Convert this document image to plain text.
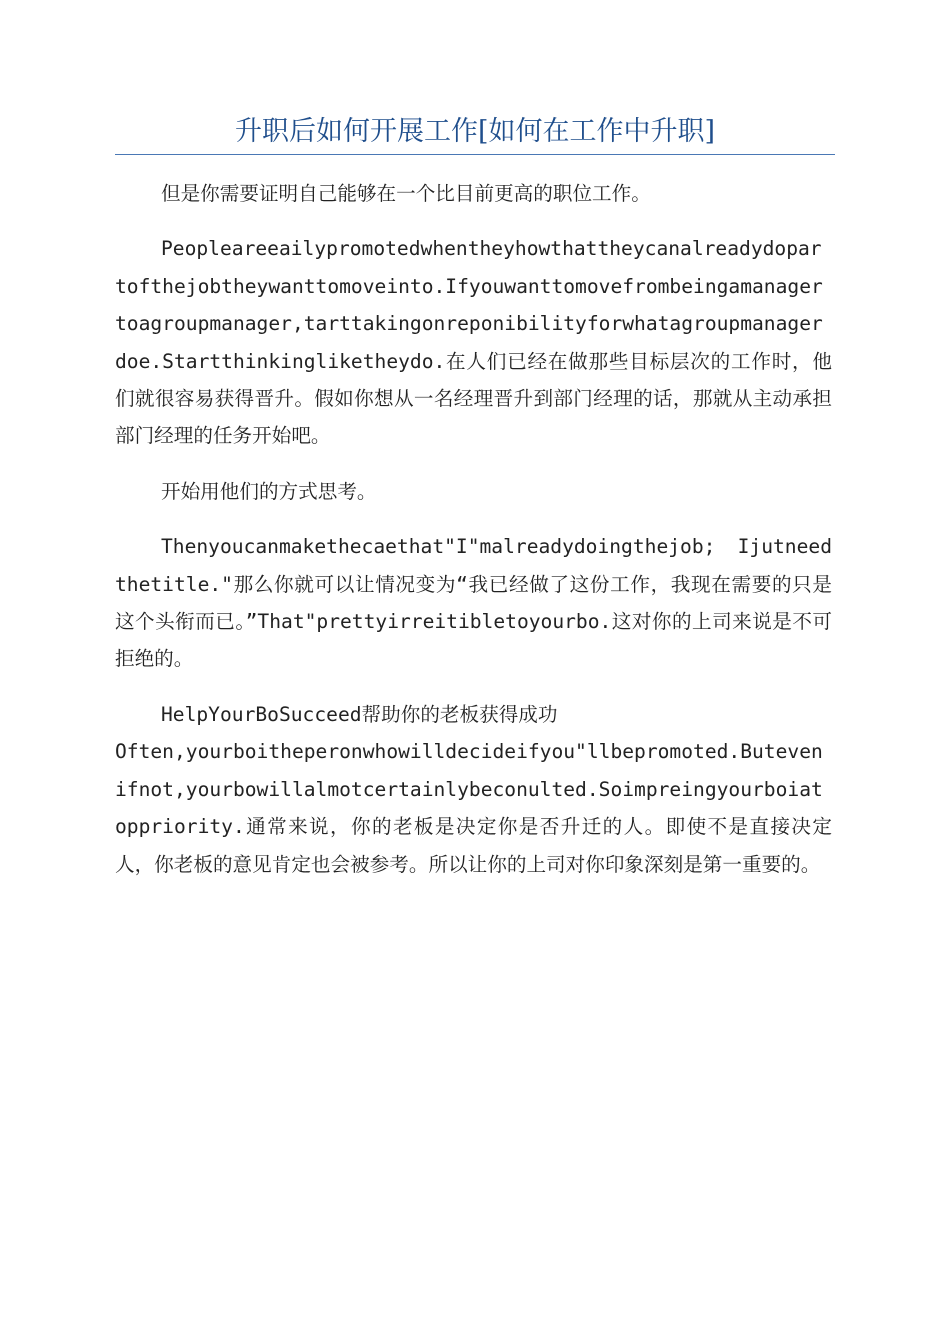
升职后如何开展工作[如何在工作中升职]

但是你需要证明自己能够在一个比目前更高的职位工作。

Peopleareeailypromotedwhentheyhowthattheycanalreadydopartofthejobtheywanttomoveinto.Ifyouwanttomovefrombeingamanagertoagroupmanager,tarttakingonreponibilityforwhatagroupmanagerdoe.Startthinkingliketheydo.在人们已经在做那些目标层次的工作时，他们就很容易获得晋升。假如你想从一名经理晋升到部门经理的话，那就从主动承担部门经理的任务开始吧。

开始用他们的方式思考。

Thenyoucanmakethecaethat"I"malreadydoingthejob;　Ijutneedthetitle."那么你就可以让情况变为“我已经做了这份工作，我现在需要的只是这个头衔而已。”That"prettyirreitibletoyourbo.这对你的上司来说是不可拒绝的。

HelpYourBoSucceed帮助你的老板获得成功

Often,yourboitheperonwhowilldecideifyou"llbepromoted.Butevenifnot,yourbowillalmotcertainlybeconulted.Soimpreingyourboiatoppriority.通常来说，你的老板是决定你是否升迁的人。即使不是直接决定人，你老板的意见肯定也会被参考。所以让你的上司对你印象深刻是第一重要的。
